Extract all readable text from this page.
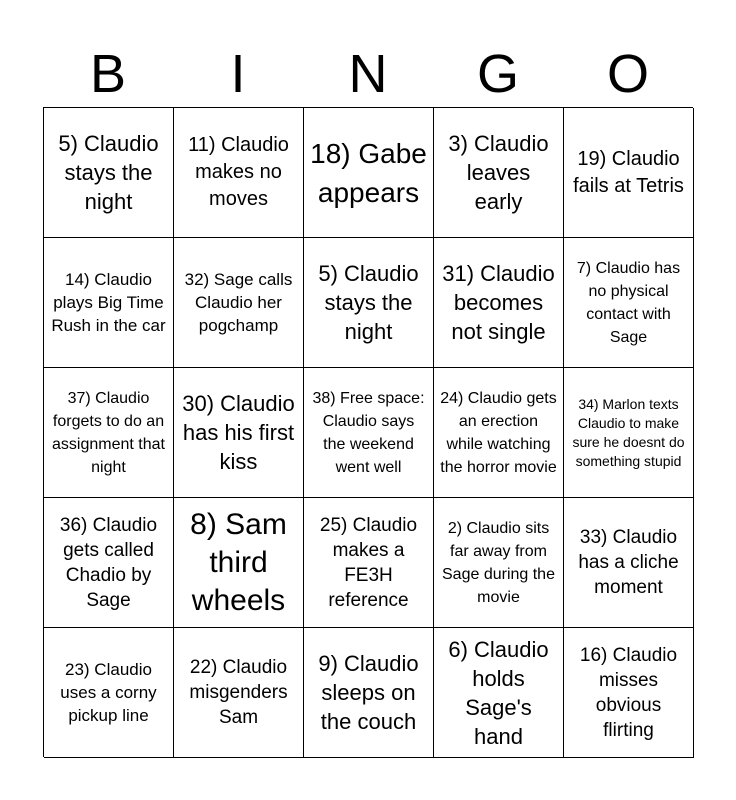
B	I	N	G	O
5) Claudio stays the night
11) Claudio makes no moves
18) Gabe appears
3) Claudio leaves early
19) Claudio fails at Tetris
14) Claudio plays Big Time Rush in the car
32) Sage calls Claudio her pogchamp
5) Claudio stays the night
31) Claudio becomes not single
7) Claudio has no physical contact with Sage
37) Claudio forgets to do an assignment that night
30) Claudio has his first kiss
38) Free space: Claudio says the weekend went well
24) Claudio gets an erection while watching the horror movie
34) Marlon texts Claudio to make sure he doesnt do something stupid
36) Claudio gets called Chadio by Sage
8) Sam third wheels
25) Claudio makes a FE3H reference
2) Claudio sits far away from Sage during the movie
33) Claudio has a cliche moment
23) Claudio uses a corny pickup line
22) Claudio misgenders Sam
9) Claudio sleeps on the couch
6) Claudio holds Sage's hand
16) Claudio misses obvious flirting
